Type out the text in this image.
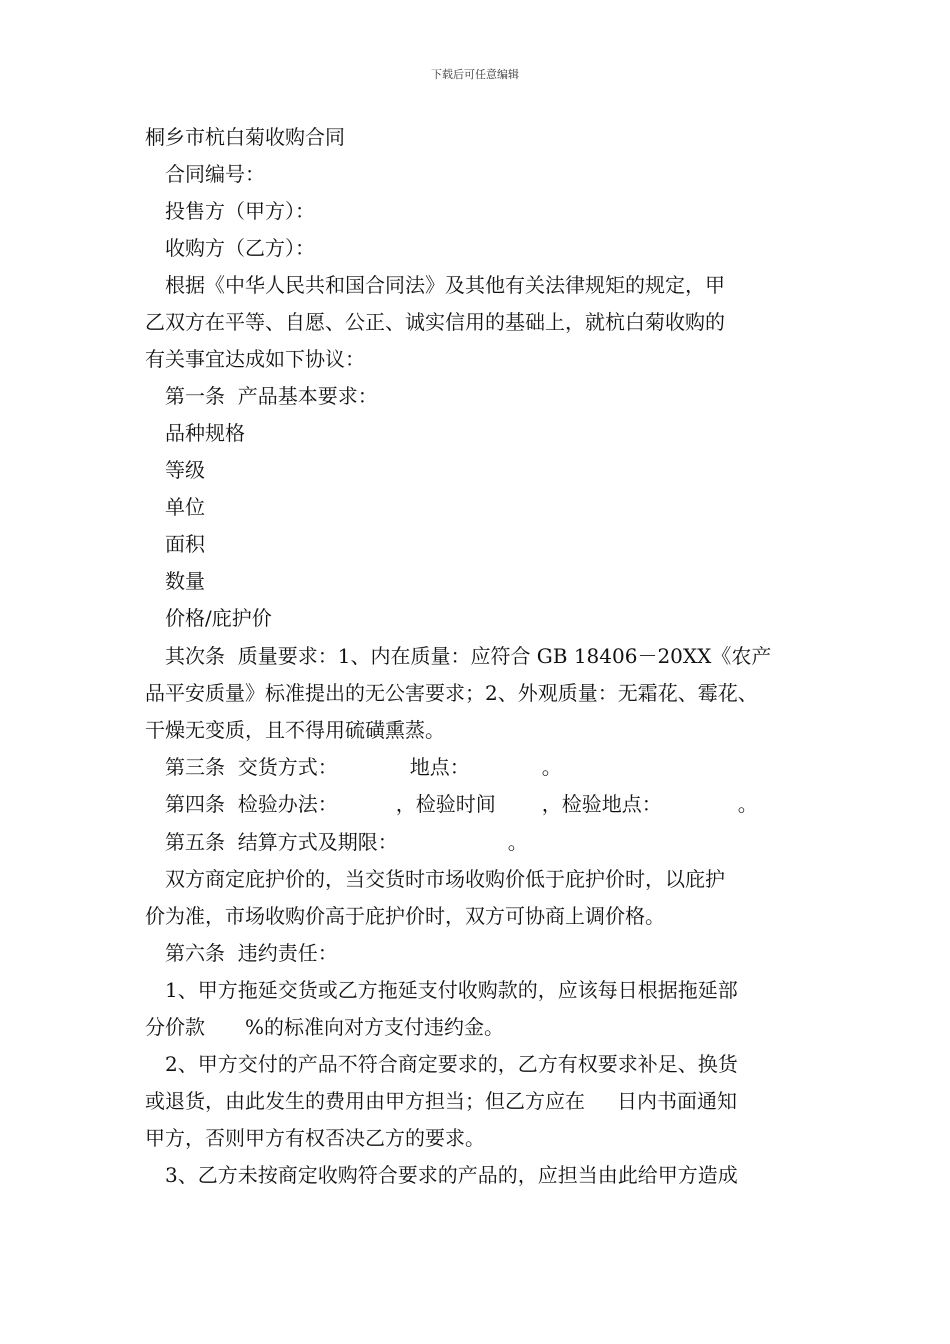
下载后可任意编辑
桐乡市杭白菊收购合同
合同编号：
投售方（甲方）：
收购方（乙方）：
根据《中华人民共和国合同法》及其他有关法律规矩的规定，甲
乙双方在平等、自愿、公正、诚实信用的基础上，就杭白菊收购的
有关事宜达成如下协议：
第一条  产品基本要求：
品种规格
等级
单位
面积
数量
价格/庇护价
其次条  质量要求：1、内在质量：应符合 GB 18406－20XX《农产
品平安质量》标准提出的无公害要求；2、外观质量：无霜花、霉花、
干燥无变质，且不得用硫磺熏蒸。
第三条  交货方式：	地点：	。
第四条  检验办法：	，检验时间 ，检验地点：	。
第五条  结算方式及期限：	。
双方商定庇护价的，当交货时市场收购价低于庇护价时，以庇护
价为准，市场收购价高于庇护价时，双方可协商上调价格。
第六条  违约责任：
1、甲方拖延交货或乙方拖延支付收购款的，应该每日根据拖延部
分价款 %的标准向对方支付违约金。
2、甲方交付的产品不符合商定要求的，乙方有权要求补足、换货
或退货，由此发生的费用由甲方担当；但乙方应在 日内书面通知
甲方，否则甲方有权否决乙方的要求。
3、乙方未按商定收购符合要求的产品的，应担当由此给甲方造成
